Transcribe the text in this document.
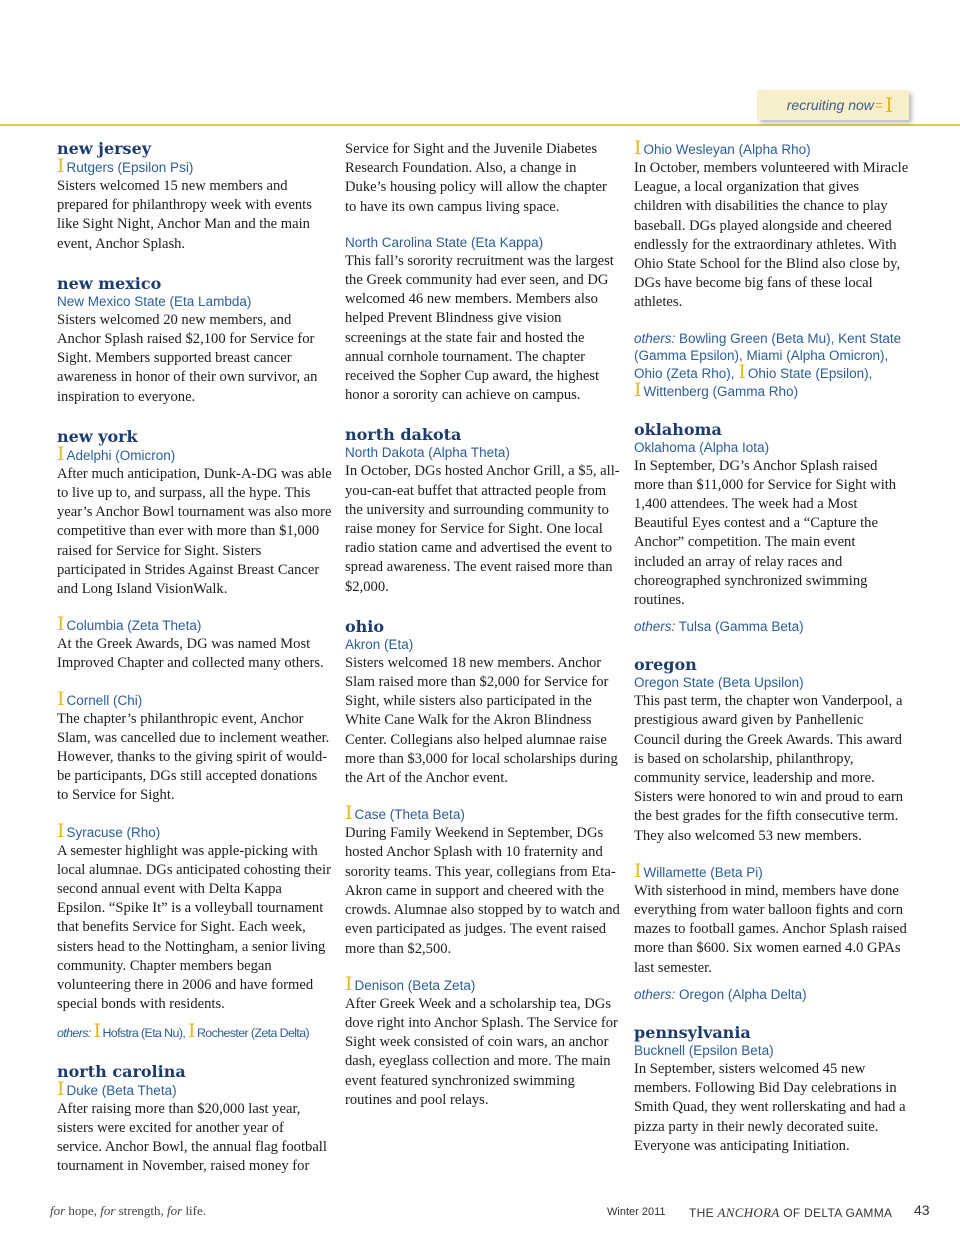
recruiting now = I

new jersey

I Rutgers (Epsilon Psi)

Sisters welcomed 15 new members and prepared for philanthropy week with events like Sight Night, Anchor Man and the main event, Anchor Splash.

new mexico

New Mexico State (Eta Lambda)

Sisters welcomed 20 new members, and Anchor Splash raised $2,100 for Service for Sight. Members supported breast cancer awareness in honor of their own survivor, an inspiration to everyone.

new york

I Adelphi (Omicron)

After much anticipation, Dunk-A-DG was able to live up to, and surpass, all the hype. This year’s Anchor Bowl tournament was also more competitive than ever with more than $1,000 raised for Service for Sight. Sisters participated in Strides Against Breast Cancer and Long Island VisionWalk.

I Columbia (Zeta Theta)

At the Greek Awards, DG was named Most Improved Chapter and collected many others.

I Cornell (Chi)

The chapter’s philanthropic event, Anchor Slam, was cancelled due to inclement weather. However, thanks to the giving spirit of would-be participants, DGs still accepted donations to Service for Sight.

I Syracuse (Rho)

A semester highlight was apple-picking with local alumnae. DGs anticipated cohosting their second annual event with Delta Kappa Epsilon. “Spike It” is a volleyball tournament that benefits Service for Sight. Each week, sisters head to the Nottingham, a senior living community. Chapter members began volunteering there in 2006 and have formed special bonds with residents.

others: I Hofstra (Eta Nu), I Rochester (Zeta Delta)

north carolina

I Duke (Beta Theta)

After raising more than $20,000 last year, sisters were excited for another year of service. Anchor Bowl, the annual flag football tournament in November, raised money for

Service for Sight and the Juvenile Diabetes Research Foundation. Also, a change in Duke’s housing policy will allow the chapter to have its own campus living space.

North Carolina State (Eta Kappa)

This fall’s sorority recruitment was the largest the Greek community had ever seen, and DG welcomed 46 new members. Members also helped Prevent Blindness give vision screenings at the state fair and hosted the annual cornhole tournament. The chapter received the Sopher Cup award, the highest honor a sorority can achieve on campus.

north dakota

North Dakota (Alpha Theta)

In October, DGs hosted Anchor Grill, a $5, all-you-can-eat buffet that attracted people from the university and surrounding community to raise money for Service for Sight. One local radio station came and advertised the event to spread awareness. The event raised more than $2,000.

ohio

Akron (Eta)

Sisters welcomed 18 new members. Anchor Slam raised more than $2,000 for Service for Sight, while sisters also participated in the White Cane Walk for the Akron Blindness Center. Collegians also helped alumnae raise more than $3,000 for local scholarships during the Art of the Anchor event.

I Case (Theta Beta)

During Family Weekend in September, DGs hosted Anchor Splash with 10 fraternity and sorority teams. This year, collegians from Eta-Akron came in support and cheered with the crowds. Alumnae also stopped by to watch and even participated as judges. The event raised more than $2,500.

I Denison (Beta Zeta)

After Greek Week and a scholarship tea, DGs dove right into Anchor Splash. The Service for Sight week consisted of coin wars, an anchor dash, eyeglass collection and more. The main event featured synchronized swimming routines and pool relays.

I Ohio Wesleyan (Alpha Rho)

In October, members volunteered with Miracle League, a local organization that gives children with disabilities the chance to play baseball. DGs played alongside and cheered endlessly for the extraordinary athletes. With Ohio State School for the Blind also close by, DGs have become big fans of these local athletes.

others: Bowling Green (Beta Mu), Kent State (Gamma Epsilon), Miami (Alpha Omicron), Ohio (Zeta Rho), I Ohio State (Epsilon), I Wittenberg (Gamma Rho)

oklahoma

Oklahoma (Alpha Iota)

In September, DG’s Anchor Splash raised more than $11,000 for Service for Sight with 1,400 attendees. The week had a Most Beautiful Eyes contest and a “Capture the Anchor” competition. The main event included an array of relay races and choreographed synchronized swimming routines.

others: Tulsa (Gamma Beta)

oregon

Oregon State (Beta Upsilon)

This past term, the chapter won Vanderpool, a prestigious award given by Panhellenic Council during the Greek Awards. This award is based on scholarship, philanthropy, community service, leadership and more. Sisters were honored to win and proud to earn the best grades for the fifth consecutive term. They also welcomed 53 new members.

I Willamette (Beta Pi)

With sisterhood in mind, members have done everything from water balloon fights and corn mazes to football games. Anchor Splash raised more than $600. Six women earned 4.0 GPAs last semester.

others: Oregon (Alpha Delta)

pennsylvania

Bucknell (Epsilon Beta)

In September, sisters welcomed 45 new members. Following Bid Day celebrations in Smith Quad, they went rollerskating and had a pizza party in their newly decorated suite. Everyone was anticipating Initiation.

for hope, for strength, for life.	Winter 2011 THE ANCHORA OF DELTA GAMMA 43
